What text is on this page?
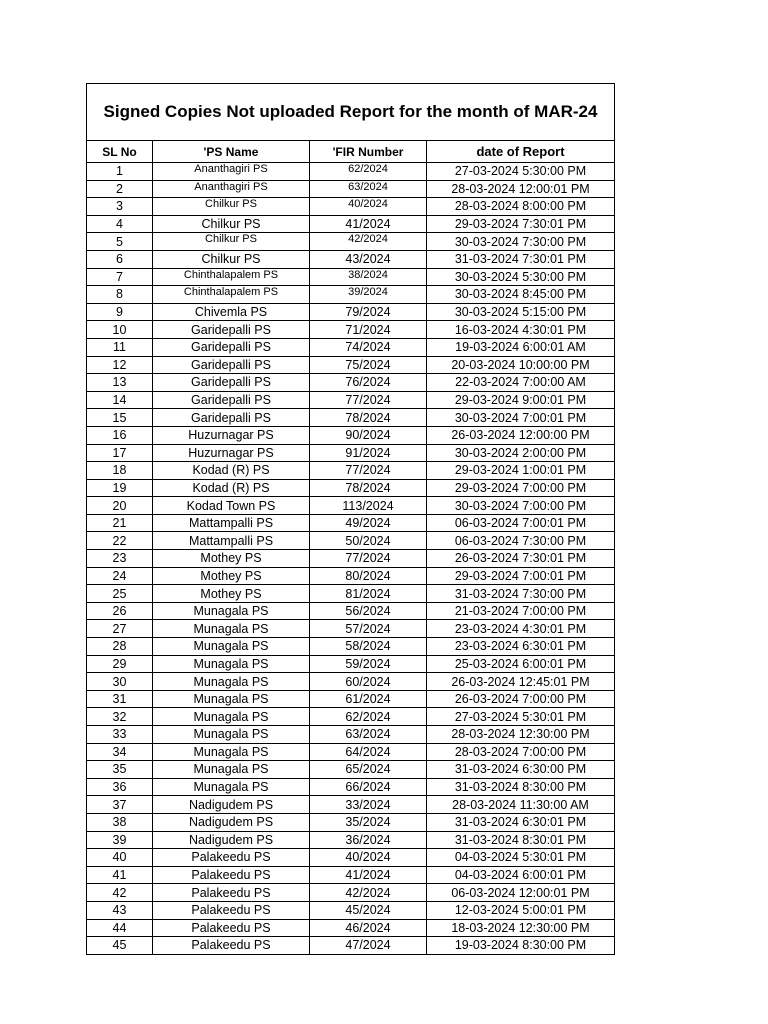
Signed Copies Not uploaded Report for the month of MAR-24			
SL No	'PS Name	'FIR Number	date of Report
1	Ananthagiri PS	62/2024	27-03-2024 5:30:00 PM
2	Ananthagiri PS	63/2024	28-03-2024 12:00:01 PM
3	Chilkur PS	40/2024	28-03-2024 8:00:00 PM
4	Chilkur PS	41/2024	29-03-2024 7:30:01 PM
5	Chilkur PS	42/2024	30-03-2024 7:30:00 PM
6	Chilkur PS	43/2024	31-03-2024 7:30:01 PM
7	Chinthalapalem PS	38/2024	30-03-2024 5:30:00 PM
8	Chinthalapalem PS	39/2024	30-03-2024 8:45:00 PM
9	Chivemla PS	79/2024	30-03-2024 5:15:00 PM
10	Garidepalli PS	71/2024	16-03-2024 4:30:01 PM
11	Garidepalli PS	74/2024	19-03-2024 6:00:01 AM
12	Garidepalli PS	75/2024	20-03-2024 10:00:00 PM
13	Garidepalli PS	76/2024	22-03-2024 7:00:00 AM
14	Garidepalli PS	77/2024	29-03-2024 9:00:01 PM
15	Garidepalli PS	78/2024	30-03-2024 7:00:01 PM
16	Huzurnagar PS	90/2024	26-03-2024 12:00:00 PM
17	Huzurnagar PS	91/2024	30-03-2024 2:00:00 PM
18	Kodad (R) PS	77/2024	29-03-2024 1:00:01 PM
19	Kodad (R) PS	78/2024	29-03-2024 7:00:00 PM
20	Kodad Town PS	113/2024	30-03-2024 7:00:00 PM
21	Mattampalli PS	49/2024	06-03-2024 7:00:01 PM
22	Mattampalli PS	50/2024	06-03-2024 7:30:00 PM
23	Mothey PS	77/2024	26-03-2024 7:30:01 PM
24	Mothey PS	80/2024	29-03-2024 7:00:01 PM
25	Mothey PS	81/2024	31-03-2024 7:30:00 PM
26	Munagala PS	56/2024	21-03-2024 7:00:00 PM
27	Munagala PS	57/2024	23-03-2024 4:30:01 PM
28	Munagala PS	58/2024	23-03-2024 6:30:01 PM
29	Munagala PS	59/2024	25-03-2024 6:00:01 PM
30	Munagala PS	60/2024	26-03-2024 12:45:01 PM
31	Munagala PS	61/2024	26-03-2024 7:00:00 PM
32	Munagala PS	62/2024	27-03-2024 5:30:01 PM
33	Munagala PS	63/2024	28-03-2024 12:30:00 PM
34	Munagala PS	64/2024	28-03-2024 7:00:00 PM
35	Munagala PS	65/2024	31-03-2024 6:30:00 PM
36	Munagala PS	66/2024	31-03-2024 8:30:00 PM
37	Nadigudem PS	33/2024	28-03-2024 11:30:00 AM
38	Nadigudem PS	35/2024	31-03-2024 6:30:01 PM
39	Nadigudem PS	36/2024	31-03-2024 8:30:01 PM
40	Palakeedu PS	40/2024	04-03-2024 5:30:01 PM
41	Palakeedu PS	41/2024	04-03-2024 6:00:01 PM
42	Palakeedu PS	42/2024	06-03-2024 12:00:01 PM
43	Palakeedu PS	45/2024	12-03-2024 5:00:01 PM
44	Palakeedu PS	46/2024	18-03-2024 12:30:00 PM
45	Palakeedu PS	47/2024	19-03-2024 8:30:00 PM
